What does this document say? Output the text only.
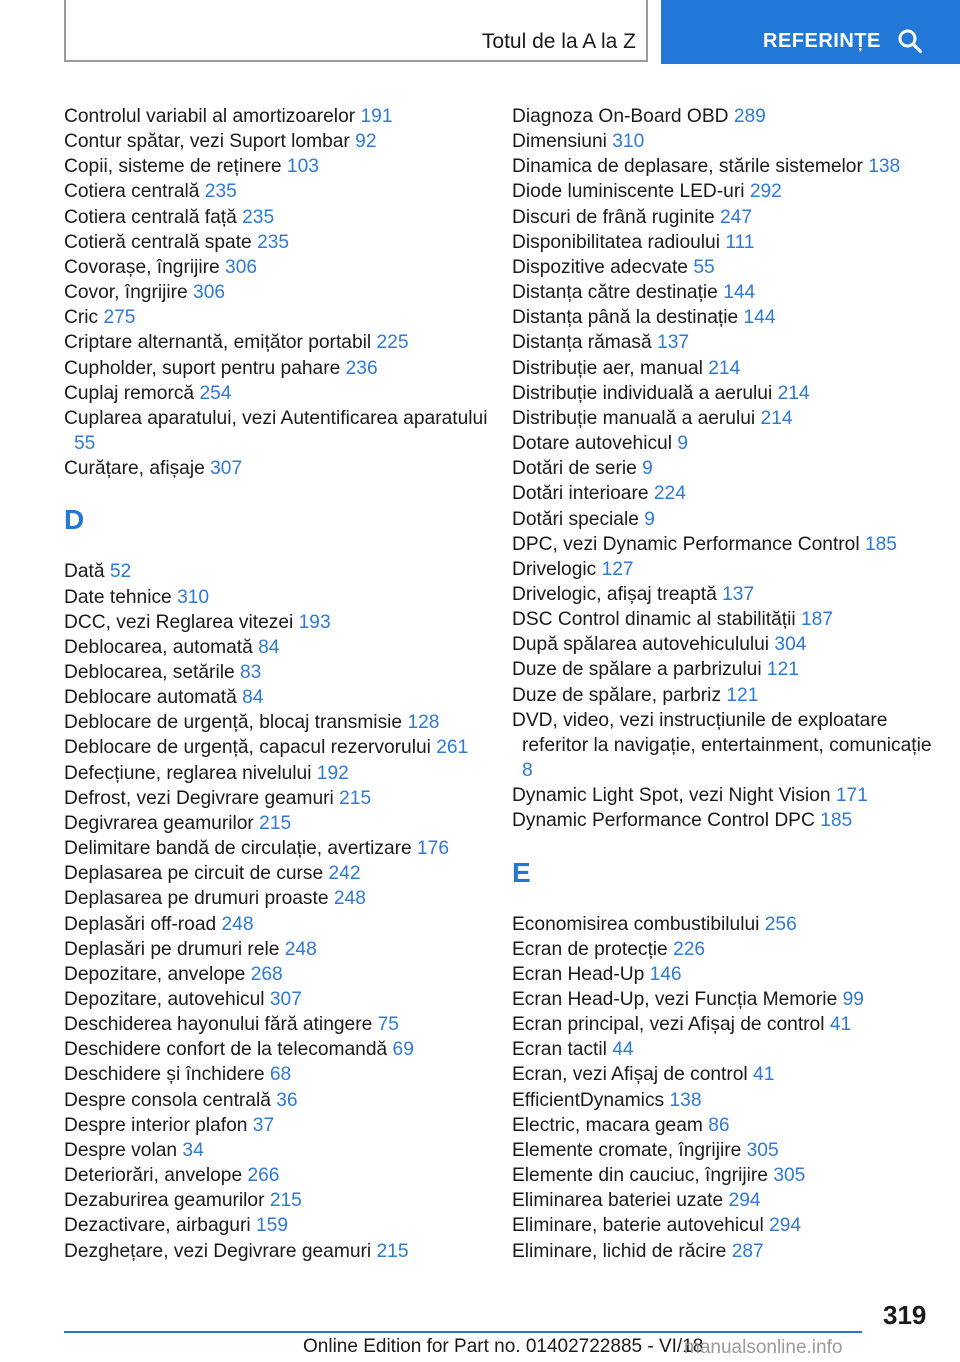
Totul de la A la Z	REFERINȚE
Controlul variabil al amortizoarelor 191
Contur spătar, vezi Suport lombar 92
Copii, sisteme de reținere 103
Cotiera centrală 235
Cotiera centrală față 235
Cotieră centrală spate 235
Covorașe, îngrijire 306
Covor, îngrijire 306
Cric 275
Criptare alternantă, emițător portabil 225
Cupholder, suport pentru pahare 236
Cuplaj remorcă 254
Cuplarea aparatului, vezi Autentificarea aparatului 55
Curățare, afișaje 307
D
Dată 52
Date tehnice 310
DCC, vezi Reglarea vitezei 193
Deblocarea, automată 84
Deblocarea, setările 83
Deblocare automată 84
Deblocare de urgență, blocaj transmisie 128
Deblocare de urgență, capacul rezervorului 261
Defecțiune, reglarea nivelului 192
Defrost, vezi Degivrare geamuri 215
Degivrarea geamurilor 215
Delimitare bandă de circulație, avertizare 176
Deplasarea pe circuit de curse 242
Deplasarea pe drumuri proaste 248
Deplasări off-road 248
Deplasări pe drumuri rele 248
Depozitare, anvelope 268
Depozitare, autovehicul 307
Deschiderea hayonului fără atingere 75
Deschidere confort de la telecomandă 69
Deschidere și închidere 68
Despre consola centrală 36
Despre interior plafon 37
Despre volan 34
Deteriorări, anvelope 266
Dezaburirea geamurilor 215
Dezactivare, airbaguri 159
Dezghețare, vezi Degivrare geamuri 215
Diagnoza On-Board OBD 289
Dimensiuni 310
Dinamica de deplasare, stările sistemelor 138
Diode luminiscente LED-uri 292
Discuri de frână ruginite 247
Disponibilitatea radioului 111
Dispozitive adecvate 55
Distanța către destinație 144
Distanța până la destinație 144
Distanța rămasă 137
Distribuție aer, manual 214
Distribuție individuală a aerului 214
Distribuție manuală a aerului 214
Dotare autovehicul 9
Dotări de serie 9
Dotări interioare 224
Dotări speciale 9
DPC, vezi Dynamic Performance Control 185
Drivelogic 127
Drivelogic, afișaj treaptă 137
DSC Control dinamic al stabilității 187
După spălarea autovehiculului 304
Duze de spălare a parbrizului 121
Duze de spălare, parbriz 121
DVD, video, vezi instrucțiunile de exploatare referitor la navigație, entertainment, comunicație 8
Dynamic Light Spot, vezi Night Vision 171
Dynamic Performance Control DPC 185
E
Economisirea combustibilului 256
Ecran de protecție 226
Ecran Head-Up 146
Ecran Head-Up, vezi Funcția Memorie 99
Ecran principal, vezi Afișaj de control 41
Ecran tactil 44
Ecran, vezi Afișaj de control 41
EfficientDynamics 138
Electric, macara geam 86
Elemente cromate, îngrijire 305
Elemente din cauciuc, îngrijire 305
Eliminarea bateriei uzate 294
Eliminare, baterie autovehicul 294
Eliminare, lichid de răcire 287
319
Online Edition for Part no. 01402722885 - VI/18
manualsonline.info
